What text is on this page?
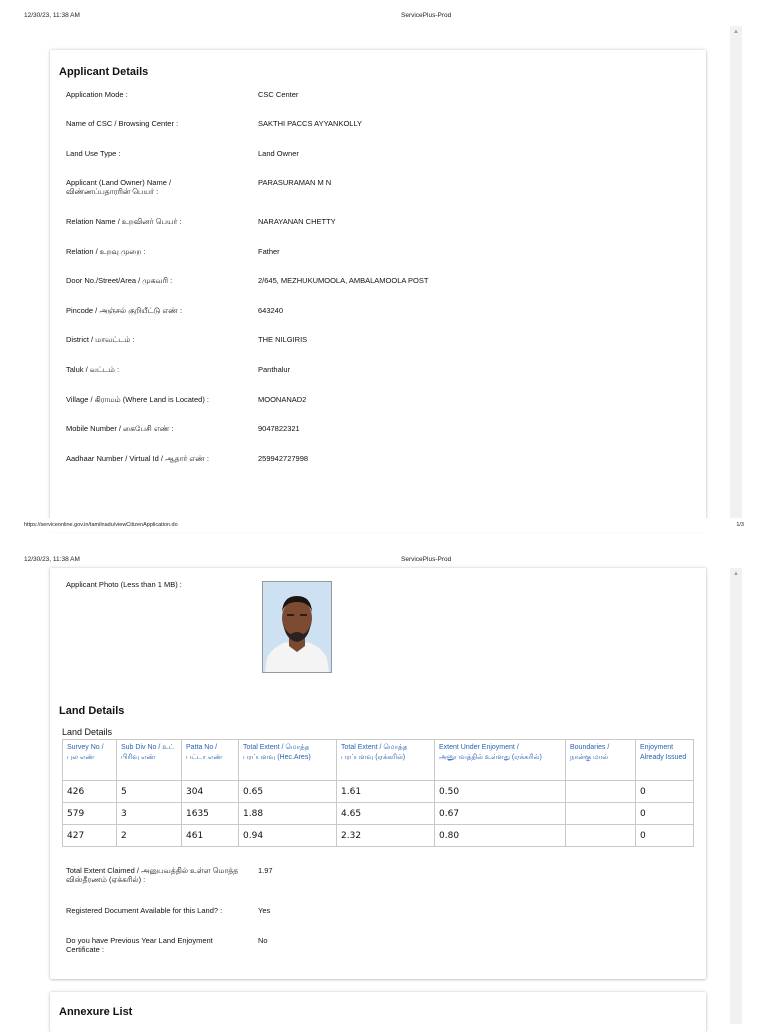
12/30/23, 11:38 AM	ServicePlus-Prod
▲
Applicant Details
Application Mode :	CSC Center
Name of CSC / Browsing Center :	SAKTHI PACCS AYYANKOLLY
Land Use Type :	Land Owner
Applicant (Land Owner) Name / விண்ணப்பதாரரின் பெயர் :
PARASURAMAN M N
Relation Name / உறவினர் பெயர் :	NARAYANAN CHETTY
Relation / உறவு முறை :	Father
Door No./Street/Area / முகவரி :	2/645, MEZHUKUMOOLA, AMBALAMOOLA POST
Pincode / அஞ்சல் குறியீட்டு எண் :	643240
District / மாவட்டம் :	THE NILGIRIS
Taluk / வட்டம் :	Panthalur
Village / கிராமம் (Where Land is Located) :	MOONANAD2
Mobile Number / கைபேசி எண் :	9047822321
Aadhaar Number / Virtual Id / ஆதார் எண் :	259942727998
https://serviceonline.gov.in/tamilnadu/viewCitizenApplication.do	1/3
12/30/23, 11:38 AM	ServicePlus-Prod
▲
Applicant Photo (Less than 1 MB) :
Land Details
Land Details
Survey No / புல எண்	Sub Div No / உட் பிரிவு எண்	Patta No / பட்டா எண்	Total Extent / மொத்த பரப்பளவு (Hec.Ares)	Total Extent / மொத்த பரப்பளவு (ஏக்கரில்)	Extent Under Enjoyment / அனுபவத்தில் உள்ளது (ஏக்கரில்)	Boundaries / நான்கு மால்	Enjoyment Already Issued
426	5	304	0.65	1.61	0.50		0
579	3	1635	1.88	4.65	0.67		0
427	2	461	0.94	2.32	0.80		0
Total Extent Claimed / அனுபவத்தில் உள்ள மொத்த விஸ்தீரணம் (ஏக்கரில்) :
1.97
Registered Document Available for this Land? :	Yes
Do you have Previous Year Land Enjoyment Certificate :
No
Annexure List
